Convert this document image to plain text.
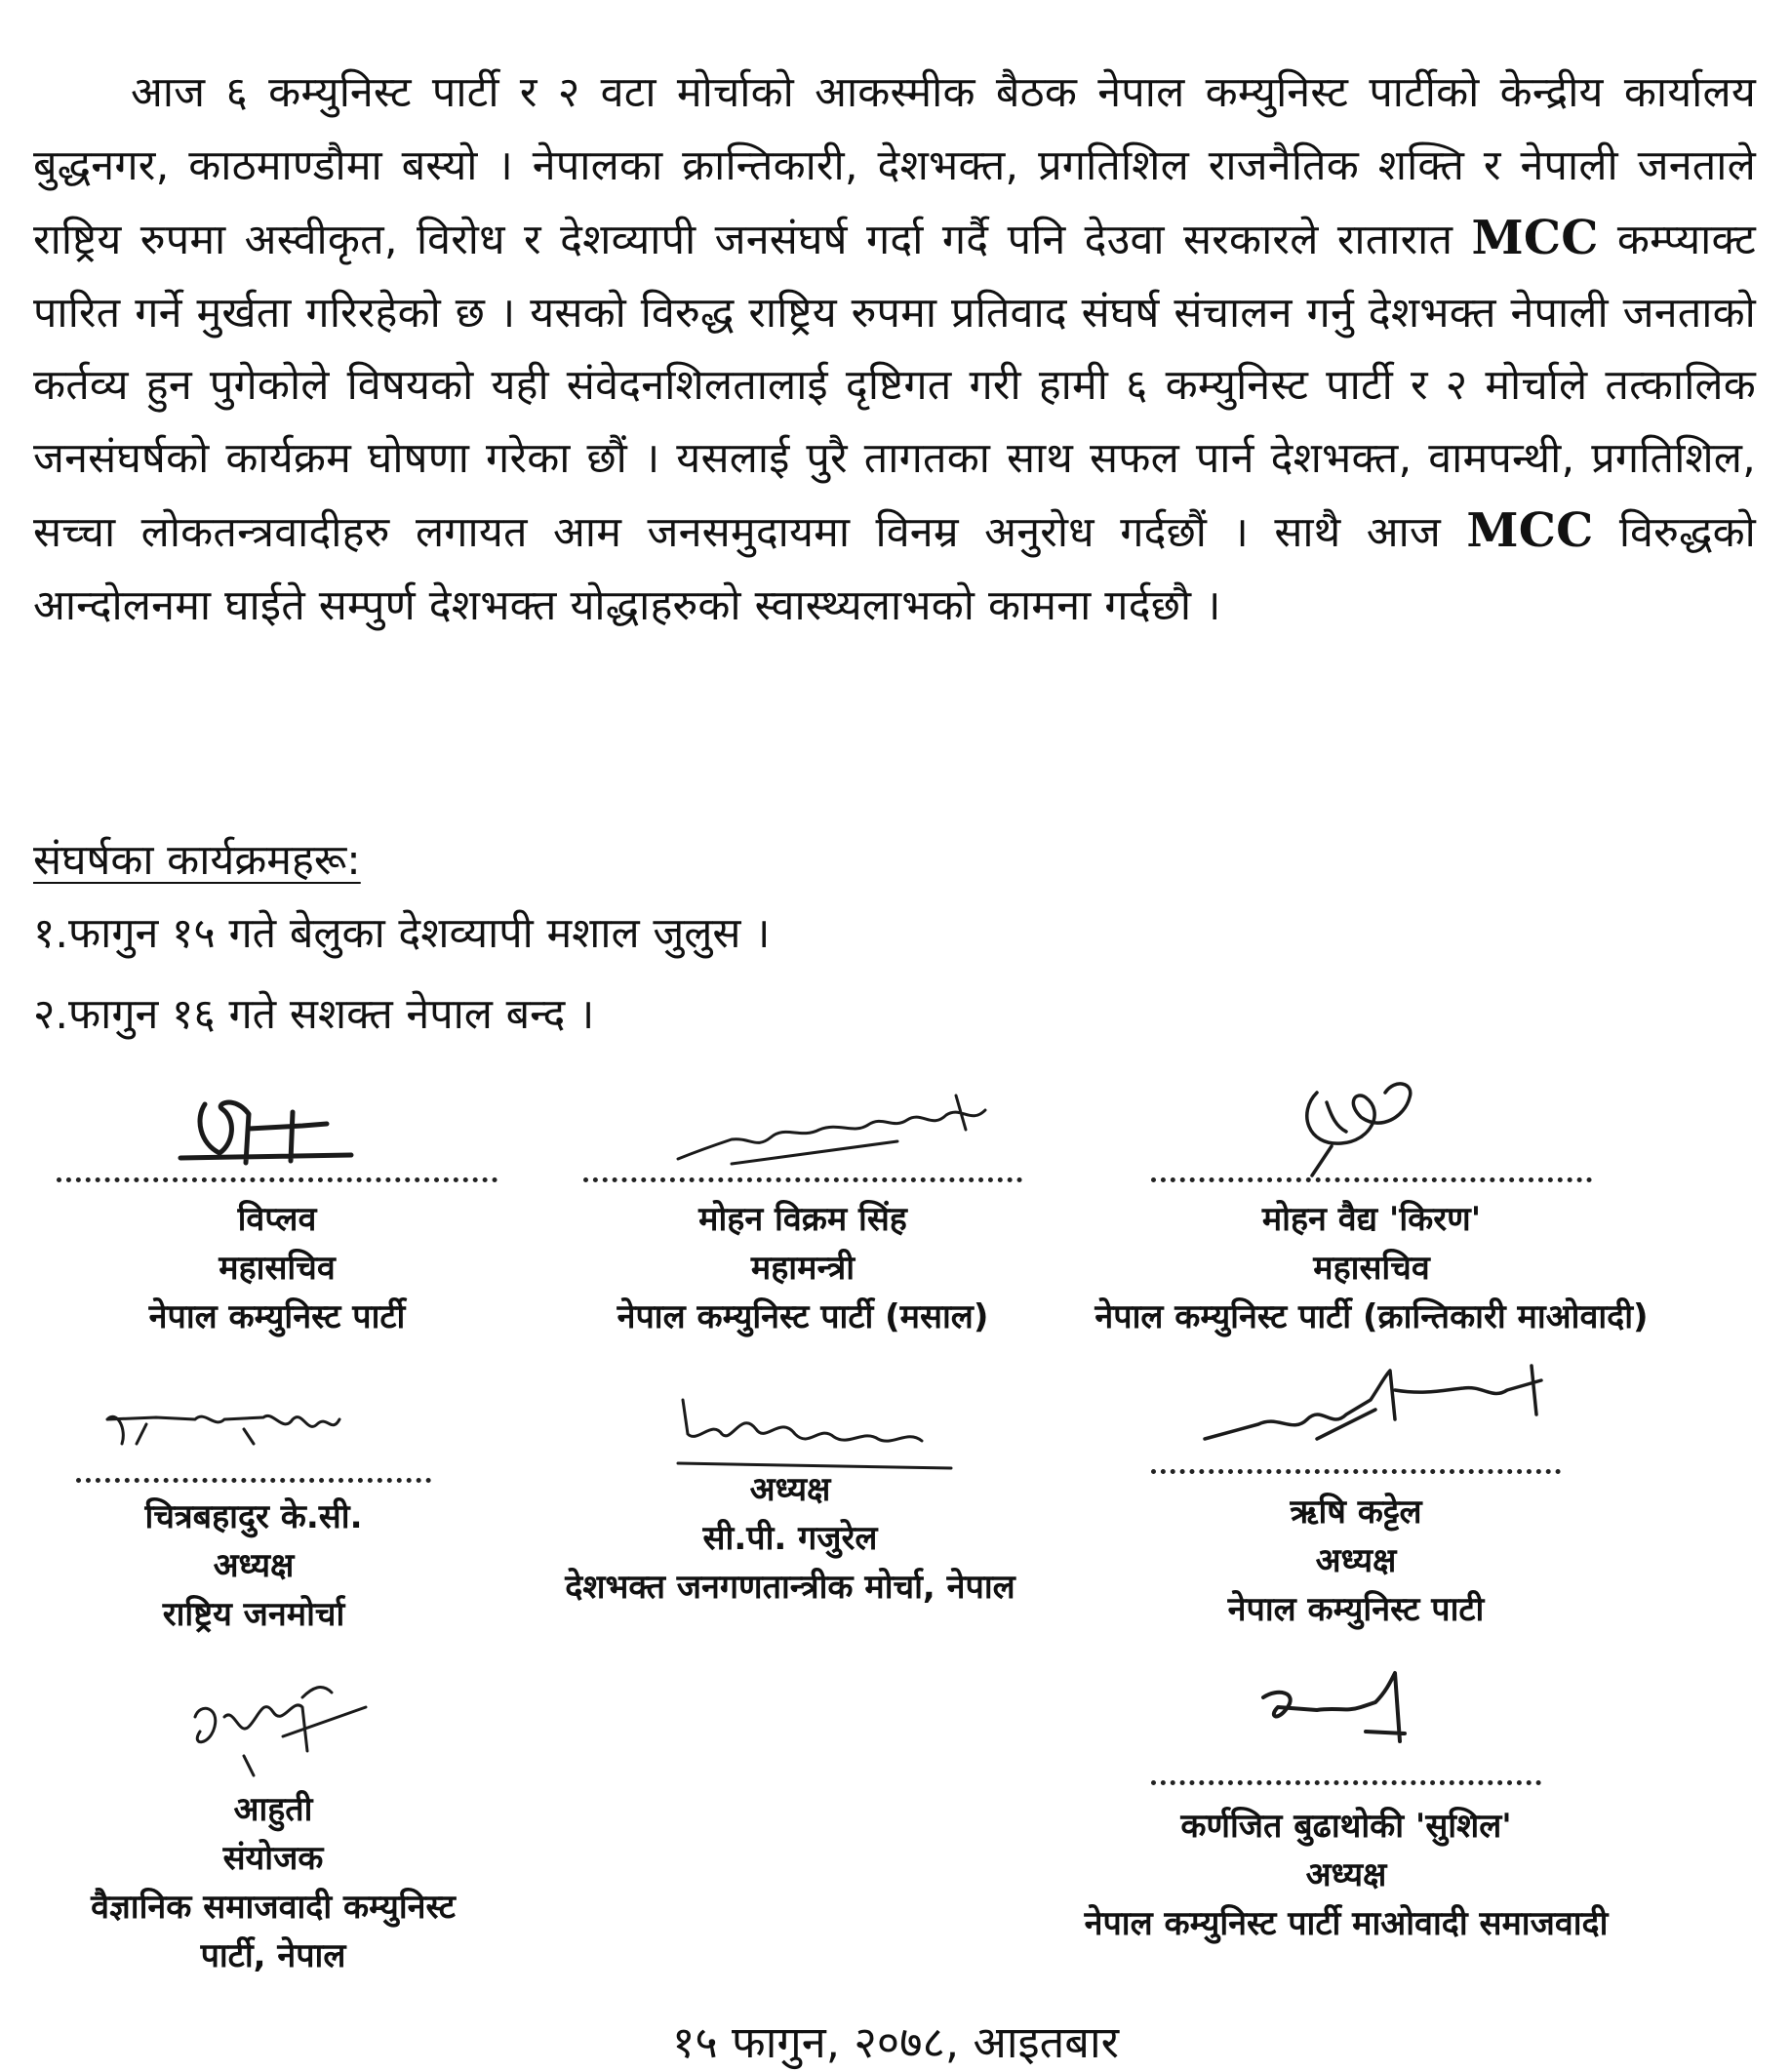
आज ६ कम्युनिस्ट पार्टी र २ वटा मोर्चाको आकस्मीक बैठक नेपाल कम्युनिस्ट पार्टीको केन्द्रीय कार्यालय बुद्धनगर, काठमाण्डौमा बस्यो । नेपालका क्रान्तिकारी, देशभक्त, प्रगतिशिल राजनैतिक शक्ति र नेपाली जनताले राष्ट्रिय रुपमा अस्वीकृत, विरोध र देशव्यापी जनसंघर्ष गर्दा गर्दै पनि देउवा सरकारले रातारात MCC कम्प्याक्ट पारित गर्ने मुर्खता गरिरहेको छ । यसको विरुद्ध राष्ट्रिय रुपमा प्रतिवाद संघर्ष संचालन गर्नु देशभक्त नेपाली जनताको कर्तव्य हुन पुगेकोले विषयको यही संवेदनशिलतालाई दृष्टिगत गरी हामी ६ कम्युनिस्ट पार्टी र २ मोर्चाले तत्कालिक जनसंघर्षको कार्यक्रम घोषणा गरेका छौं । यसलाई पुरै तागतका साथ सफल पार्न देशभक्त, वामपन्थी, प्रगतिशिल, सच्चा लोकतन्त्रवादीहरु लगायत आम जनसमुदायमा विनम्र अनुरोध गर्दछौं । साथै आज MCC विरुद्धको आन्दोलनमा घाईते सम्पुर्ण देशभक्त योद्धाहरुको स्वास्थ्यलाभको कामना गर्दछौ ।

संघर्षका कार्यक्रमहरू:

१.फागुन १५ गते बेलुका देशव्यापी मशाल जुलुस ।

२.फागुन १६ गते सशक्त नेपाल बन्द ।

विप्लव
महासचिव
नेपाल कम्युनिस्ट पार्टी
मोहन विक्रम सिंह
महामन्त्री
नेपाल कम्युनिस्ट पार्टी (मसाल)
मोहन वैद्य 'किरण'
महासचिव
नेपाल कम्युनिस्ट पार्टी (क्रान्तिकारी माओवादी)
चित्रबहादुर के.सी.
अध्यक्ष
राष्ट्रिय जनमोर्चा
अध्यक्ष
सी.पी. गजुरेल
देशभक्त जनगणतान्त्रीक मोर्चा, नेपाल
ऋषि कट्टेल
अध्यक्ष
नेपाल कम्युनिस्ट पाटी
आहुती
संयोजक
वैज्ञानिक समाजवादी कम्युनिस्ट
पार्टी, नेपाल
कर्णजित बुढाथोकी 'सुशिल'
अध्यक्ष
नेपाल कम्युनिस्ट पार्टी माओवादी समाजवादी

१५ फागुन, २०७८, आइतबार
